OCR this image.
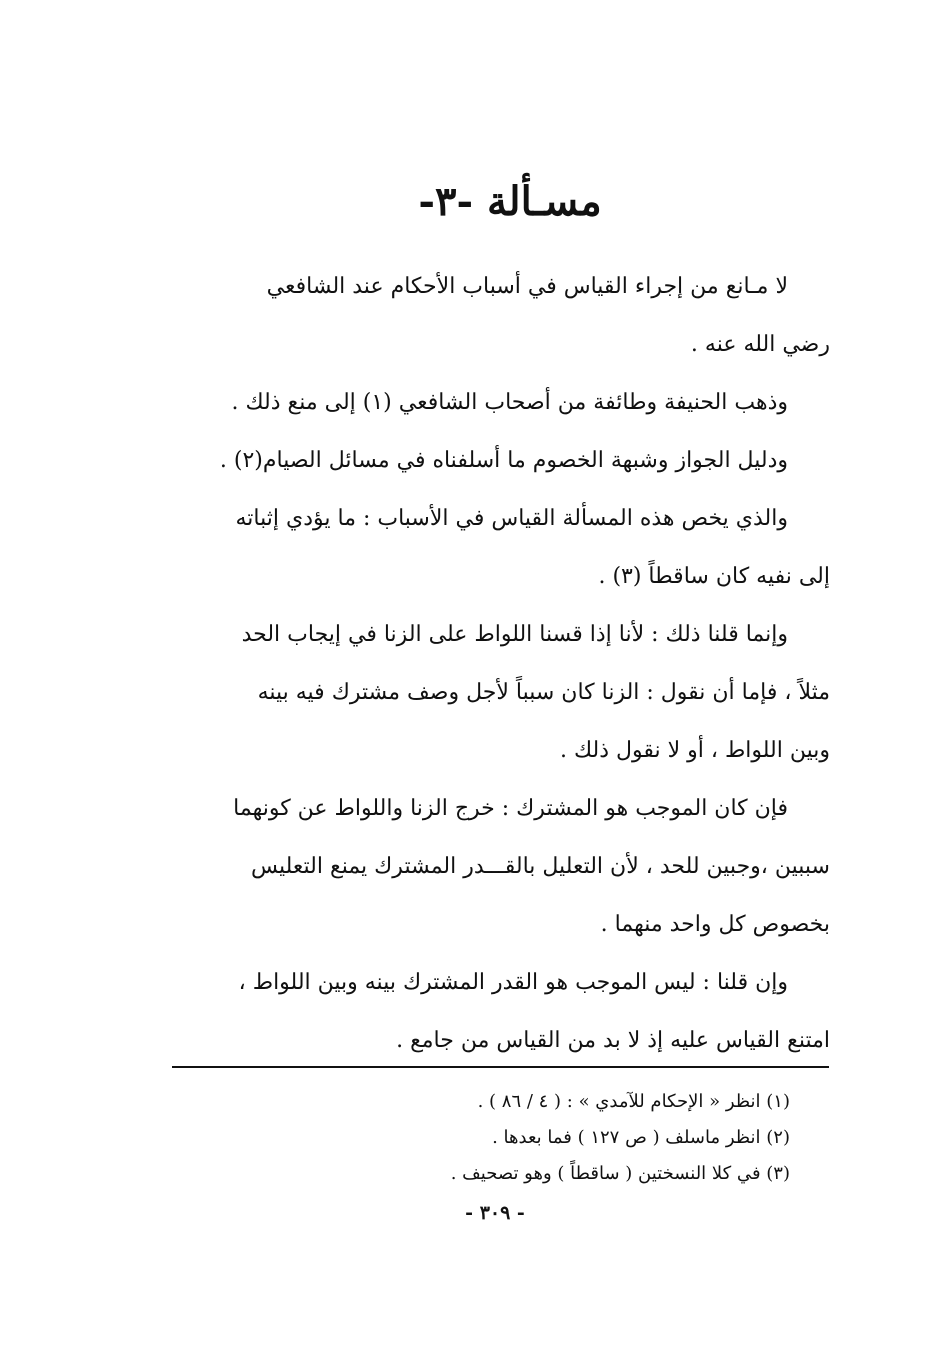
مسـألة -٣-
لا مـانع من إجراء القياس في أسباب الأحكام عند الشافعي
رضي الله عنه .
وذهب الحنيفة وطائفة من أصحاب الشافعي (١) إلى منع ذلك .
ودليل الجواز وشبهة الخصوم ما أسلفناه في مسائل الصيام(٢) .
والذي يخص هذه المسألة القياس في الأسباب : ما يؤدي إثباته
إلى نفيه كان ساقطاً (٣) .
وإنما قلنا ذلك : لأنا إذا قسنا اللواط على الزنا في إيجاب الحد
مثلاً ، فإما أن نقول : الزنا كان سبباً لأجل وصف مشترك فيه بينه
وبين اللواط ، أو لا نقول ذلك .
فإن كان الموجب هو المشترك : خرج الزنا واللواط عن كونهما
سببين ،وجبين للحد ، لأن التعليل بالقـــدر المشترك يمنع التعليس
بخصوص كل واحد منهما .
وإن قلنا : ليس الموجب هو القدر المشترك بينه وبين اللواط ،
امتنع القياس عليه إذ لا بد من القياس من جامع .
(١) انظر « الإحكام للآمدي » : ( ٤ / ٨٦ ) .
(٢) انظر ماسلف ( ص ١٢٧ ) فما بعدها .
(٣) في كلا النسختين ( ساقطاً ) وهو تصحيف .
- ٣٠٩ -
